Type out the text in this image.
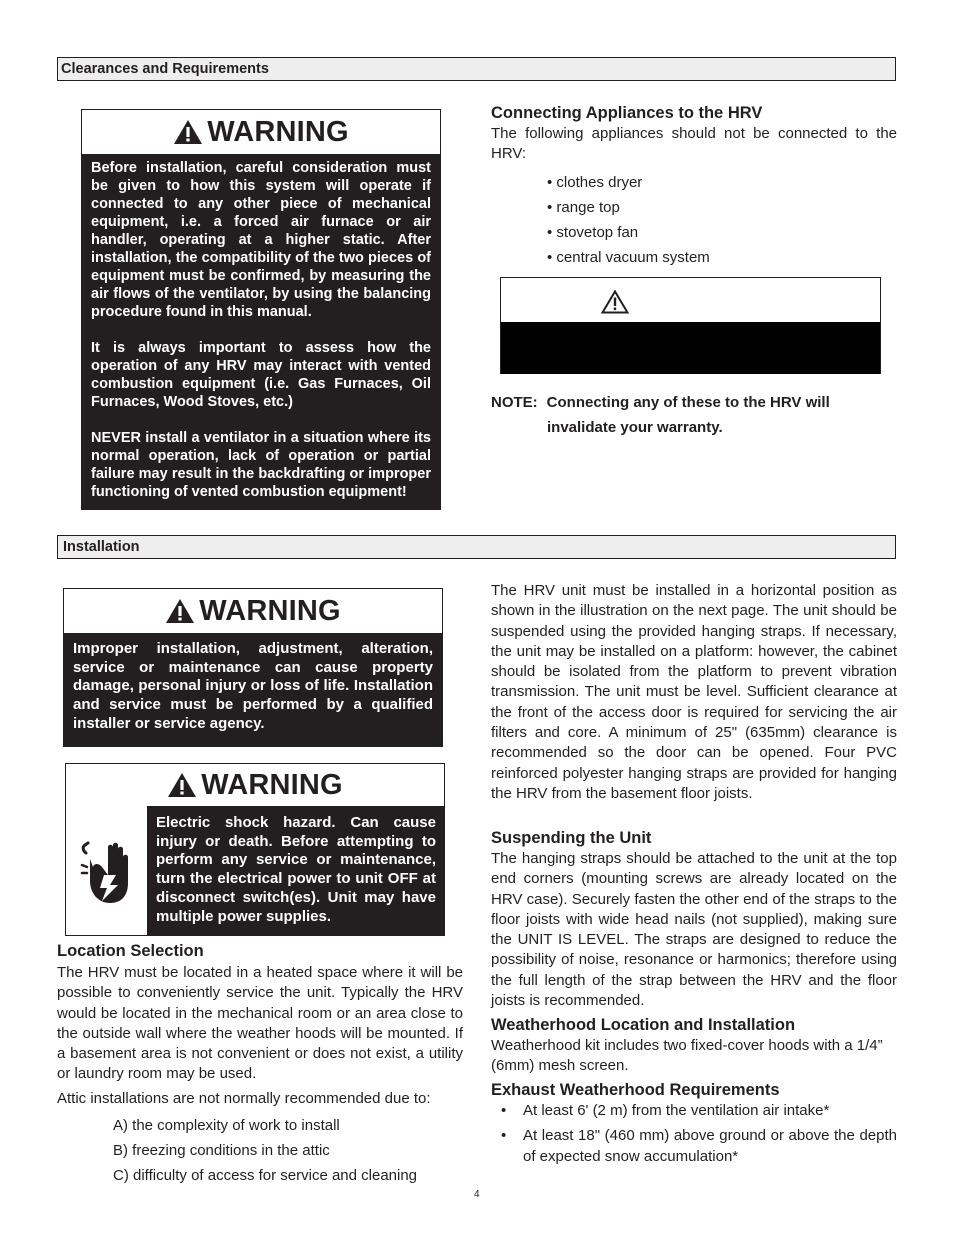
Clearances and Requirements
WARNING

Before installation, careful consideration must be given to how this system will operate if connected to any other piece of mechanical equipment, i.e. a forced air furnace or air handler, operating at a higher static. After installation, the compatibility of the two pieces of equipment must be confirmed, by measuring the air flows of the ventilator, by using the balancing procedure found in this manual.

It is always important to assess how the operation of any HRV may interact with vented combustion equipment (i.e. Gas Furnaces, Oil Furnaces, Wood Stoves, etc.)

NEVER install a ventilator in a situation where its normal operation, lack of operation or partial failure may result in the backdrafting or improper functioning of vented combustion equipment!

Connecting Appliances to the HRV
The following appliances should not be connected to the HRV:
• clothes dryer
• range top
• stovetop fan
• central vacuum system
NOTE: Connecting any of these to the HRV will
invalidate your warranty.
Installation
WARNING
Improper installation, adjustment, alteration, service or maintenance can cause property damage, personal injury or loss of life. Installation and service must be performed by a qualified installer or service agency.
WARNING
Electric shock hazard. Can cause injury or death. Before attempting to perform any service or maintenance, turn the electrical power to unit OFF at disconnect switch(es). Unit may have multiple power supplies.
Location Selection
The HRV must be located in a heated space where it will be possible to conveniently service the unit. Typically the HRV would be located in the mechanical room or an area close to the outside wall where the weather hoods will be mounted. If a basement area is not convenient or does not exist, a utility or laundry room may be used.
Attic installations are not normally recommended due to:
A) the complexity of work to install
B) freezing conditions in the attic
C) difficulty of access for service and cleaning
The HRV unit must be installed in a horizontal position as shown in the illustration on the next page. The unit should be suspended using the provided hanging straps. If necessary, the unit may be installed on a platform: however, the cabinet should be isolated from the platform to prevent vibration transmission. The unit must be level. Sufficient clearance at the front of the access door is required for servicing the air filters and core. A minimum of 25" (635mm) clearance is recommended so the door can be opened. Four PVC reinforced polyester hanging straps are provided for hanging the HRV from the basement floor joists.
Suspending the Unit
The hanging straps should be attached to the unit at the top end corners (mounting screws are already located on the HRV case). Securely fasten the other end of the straps to the floor joists with wide head nails (not supplied), making sure the UNIT IS LEVEL. The straps are designed to reduce the possibility of noise, resonance or harmonics; therefore using the full length of the strap between the HRV and the floor joists is recommended.
Weatherhood Location and Installation
Weatherhood kit includes two fixed-cover hoods with a 1/4” (6mm) mesh screen.
Exhaust Weatherhood Requirements
•	At least 6' (2 m) from the ventilation air intake*
•	At least 18" (460 mm) above ground or above the depth of expected snow accumulation*
4
